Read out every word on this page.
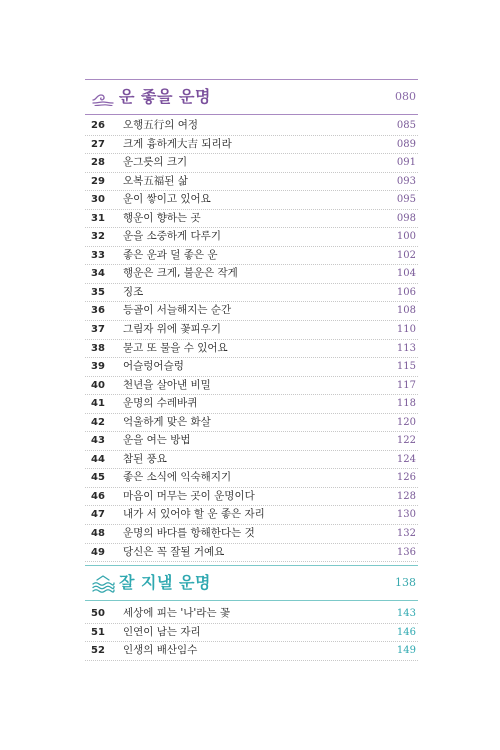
운 좋을 운명	080
26 오행五行의 여정	085
27 크게 흉하게大吉 되리라	089
28 운그릇의 크기	091
29 오복五福된 삶	093
30 운이 쌓이고 있어요	095
31 행운이 향하는 곳	098
32 운을 소중하게 다루기	100
33 좋은 운과 덜 좋은 운	102
34 행운은 크게, 불운은 작게	104
35 징조	106
36 등골이 서늘해지는 순간	108
37 그림자 위에 꽃피우기	110
38 묻고 또 물을 수 있어요	113
39 어슬렁어슬렁	115
40 천년을 살아낸 비밀	117
41 운명의 수레바퀴	118
42 억울하게 맞은 화살	120
43 운을 여는 방법	122
44 참된 풍요	124
45 좋은 소식에 익숙해지기	126
46 마음이 머무는 곳이 운명이다	128
47 내가 서 있어야 할 운 좋은 자리	130
48 운명의 바다를 항해한다는 것	132
49 당신은 꼭 잘될 거예요	136
잘 지낼 운명	138
50 세상에 피는 '나'라는 꽃	143
51 인연이 남는 자리	146
52 인생의 배산임수	149
